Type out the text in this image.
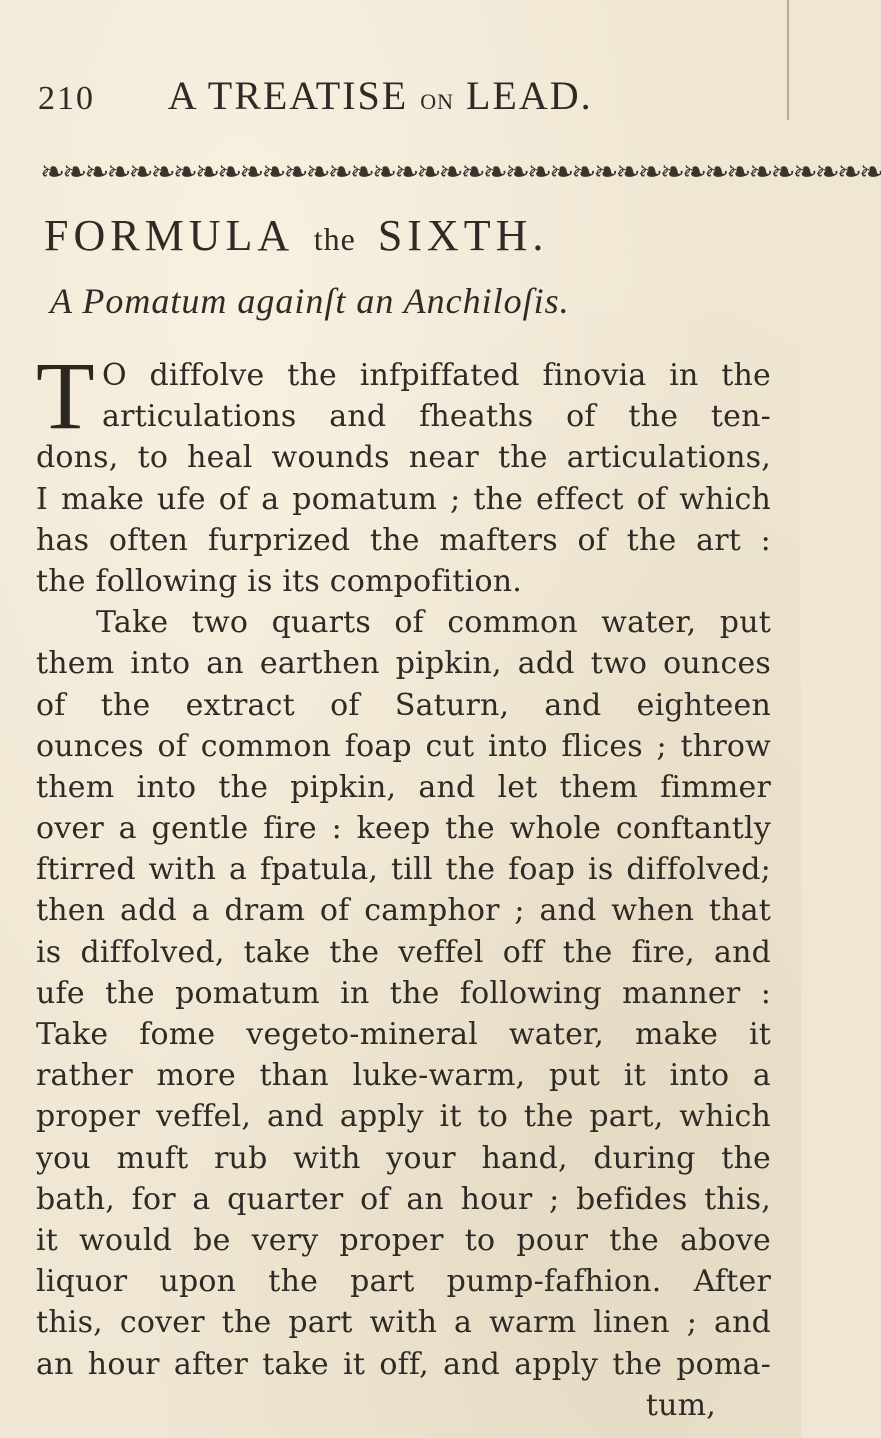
210 A TREATISE ON LEAD.
❧❧❧❧❧❧❧❧❧❧❧❧❧❧❧❧❧❧❧❧❧❧❧❧❧❧❧❧❧❧❧❧❧❧❧❧❧❧
FORMULA the SIXTH.
A Pomatum againſt an Anchiloſis.
T O diffolve the infpiffated finovia in the
articulations and fheaths of the ten-
dons, to heal wounds near the articulations,
I make ufe of a pomatum ; the effect of which
has often furprized the mafters of the art :
the following is its compofition.
Take two quarts of common water, put
them into an earthen pipkin, add two ounces
of the extract of Saturn, and eighteen
ounces of common foap cut into flices ; throw
them into the pipkin, and let them fimmer
over a gentle fire : keep the whole conftantly
ftirred with a fpatula, till the foap is diffolved;
then add a dram of camphor ; and when that
is diffolved, take the veffel off the fire, and
ufe the pomatum in the following manner :
Take fome vegeto-mineral water, make it
rather more than luke-warm, put it into a
proper veffel, and apply it to the part, which
you muft rub with your hand, during the
bath, for a quarter of an hour ; befides this,
it would be very proper to pour the above
liquor upon the part pump-fafhion. After
this, cover the part with a warm linen ; and
an hour after take it off, and apply the poma-
tum,
